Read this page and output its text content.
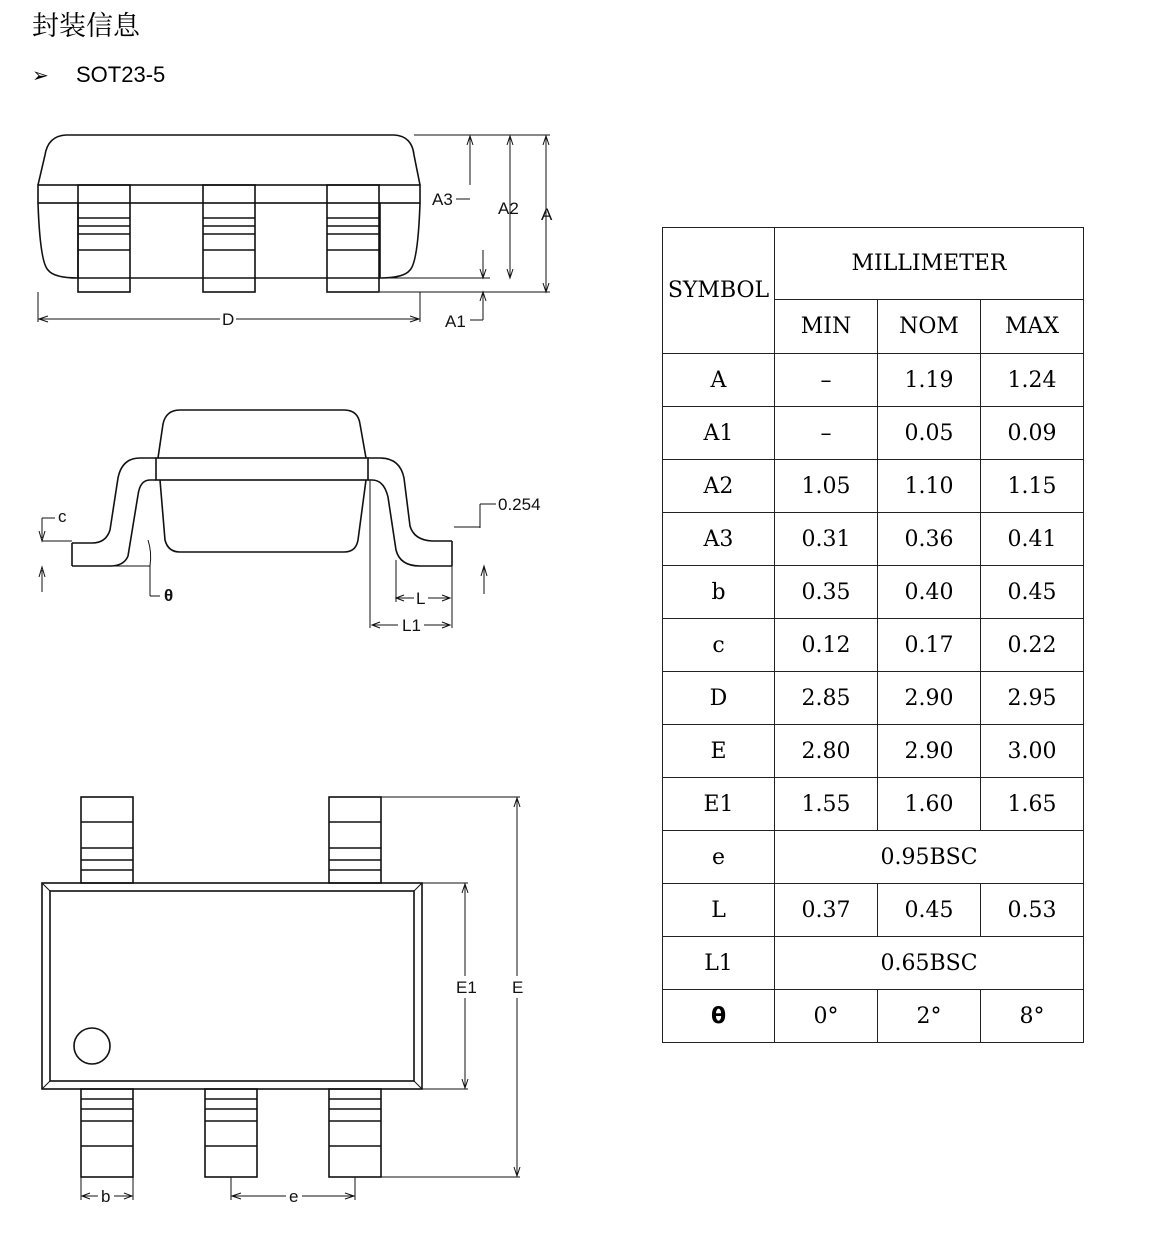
封装信息
➢ SOT23-5
A3	A2 A
A1
D
c
θ
0.254
L
L1
E1 E
b	e
SYMBOL	MILLIMETER		
	MIN	NOM	MAX
A	–	1.19	1.24
A1	–	0.05	0.09
A2	1.05	1.10	1.15
A3	0.31	0.36	0.41
b	0.35	0.40	0.45
c	0.12	0.17	0.22
D	2.85	2.90	2.95
E	2.80	2.90	3.00
E1	1.55	1.60	1.65
e	0.95BSC		
L	0.37	0.45	0.53
L1	0.65BSC		
θ	0°	2°	8°
